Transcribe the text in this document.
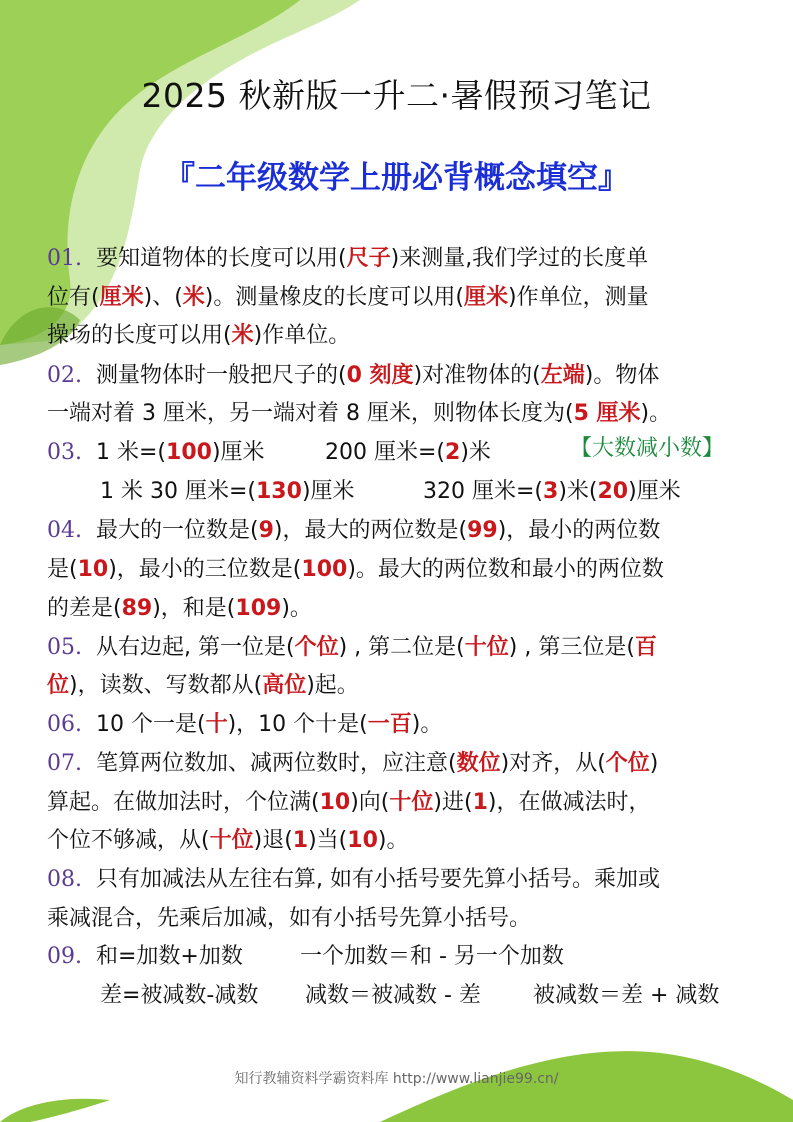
2025 秋新版一升二·暑假预习笔记
『二年级数学上册必背概念填空』
01. 要知道物体的长度可以用(尺子)来测量,我们学过的长度单
位有(厘米)、(米)。测量橡皮的长度可以用(厘米)作单位，测量
操场的长度可以用(米)作单位。
02. 测量物体时一般把尺子的(0 刻度)对准物体的(左端)。物体
一端对着 3 厘米，另一端对着 8 厘米，则物体长度为(5 厘米)。
03. 1 米=(100)厘米	200 厘米=(2)米	【大数减小数】
1 米 30 厘米=(130)厘米	320 厘米=(3)米(20)厘米
04. 最大的一位数是(9)，最大的两位数是(99)，最小的两位数
是(10)，最小的三位数是(100)。最大的两位数和最小的两位数
的差是(89)，和是(109)。
05. 从右边起, 第一位是(个位) , 第二位是(十位) , 第三位是(百
位)，读数、写数都从(高位)起。
06. 10 个一是(十)，10 个十是(一百)。
07. 笔算两位数加、减两位数时，应注意(数位)对齐，从(个位)
算起。在做加法时，个位满(10)向(十位)进(1)，在做减法时，
个位不够减，从(十位)退(1)当(10)。
08. 只有加减法从左往右算, 如有小括号要先算小括号。乘加或
乘减混合，先乘后加减，如有小括号先算小括号。
09. 和=加数+加数	一个加数＝和 - 另一个加数
差=被减数-减数 减数＝被减数 - 差 被减数＝差 + 减数
知行教辅资料学霸资料库 http://www.lianjie99.cn/
